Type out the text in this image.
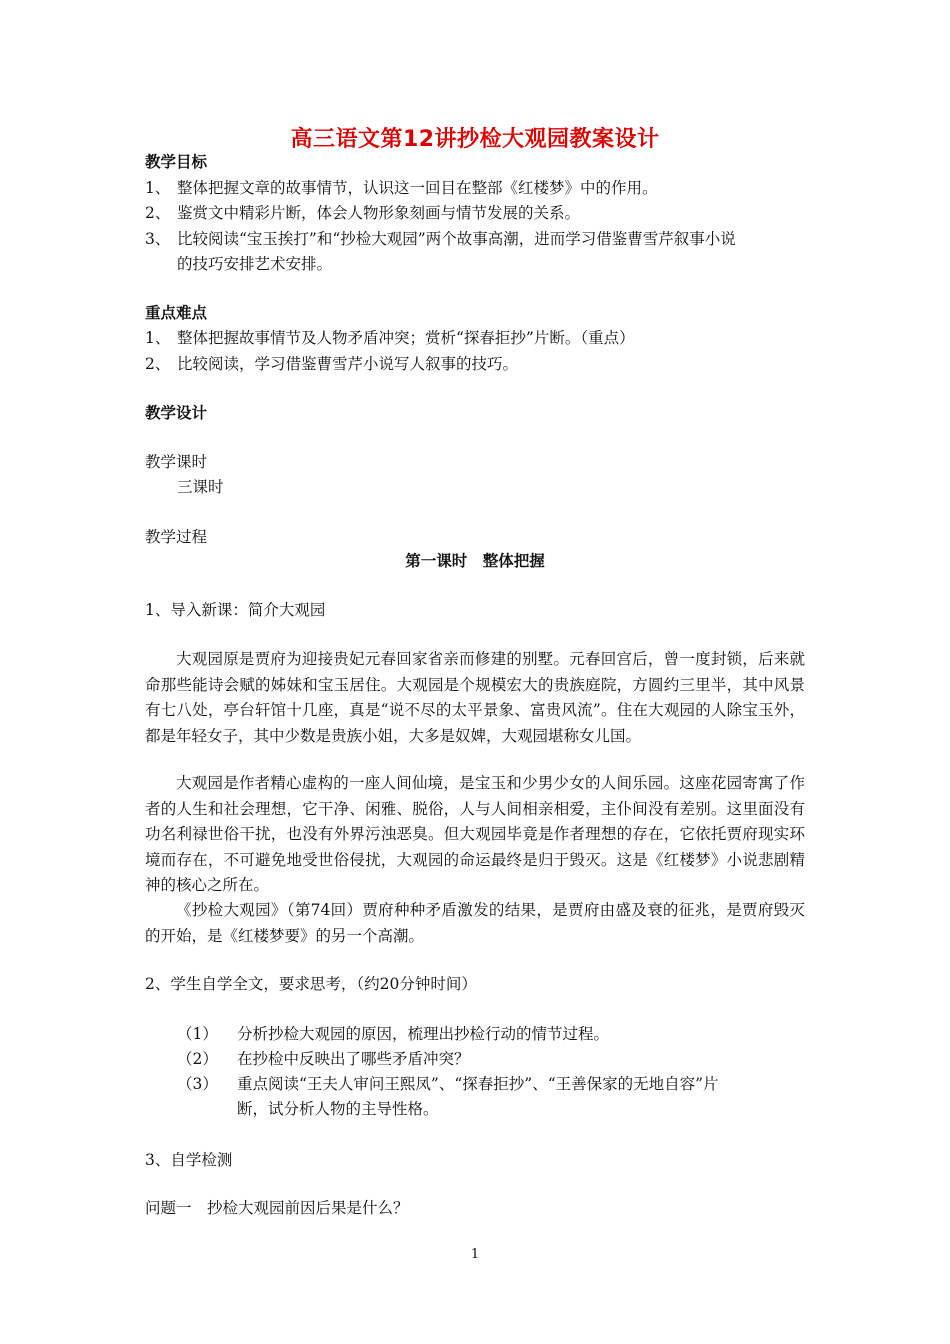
高三语文第12讲抄检大观园教案设计
教学目标
1、 整体把握文章的故事情节，认识这一回目在整部《红楼梦》中的作用。
2、 鉴赏文中精彩片断，体会人物形象刻画与情节发展的关系。
3、 比较阅读“宝玉挨打”和“抄检大观园”两个故事高潮，进而学习借鉴曹雪芹叙事小说
的技巧安排艺术安排。
重点难点
1、 整体把握故事情节及人物矛盾冲突；赏析“探春拒抄”片断。（重点）
2、 比较阅读，学习借鉴曹雪芹小说写人叙事的技巧。
教学设计
教学课时
三课时
教学过程
第一课时　整体把握
1、导入新课：简介大观园
大观园原是贾府为迎接贵妃元春回家省亲而修建的别墅。元春回宫后，曾一度封锁，后来就命那些能诗会赋的姊妹和宝玉居住。大观园是个规模宏大的贵族庭院，方圆约三里半，其中风景有七八处，亭台轩馆十几座，真是“说不尽的太平景象、富贵风流”。住在大观园的人除宝玉外，都是年轻女子，其中少数是贵族小姐，大多是奴婢，大观园堪称女儿国。
大观园是作者精心虚构的一座人间仙境，是宝玉和少男少女的人间乐园。这座花园寄寓了作者的人生和社会理想，它干净、闲雅、脱俗，人与人间相亲相爱，主仆间没有差别。这里面没有功名利禄世俗干扰，也没有外界污浊恶臭。但大观园毕竟是作者理想的存在，它依托贾府现实环境而存在，不可避免地受世俗侵扰，大观园的命运最终是归于毁灭。这是《红楼梦》小说悲剧精神的核心之所在。
《抄检大观园》（第74回）贾府种种矛盾激发的结果，是贾府由盛及衰的征兆，是贾府毁灭的开始，是《红楼梦要》的另一个高潮。
2、学生自学全文，要求思考，（约20分钟时间）
（1） 分析抄检大观园的原因，梳理出抄检行动的情节过程。
（2） 在抄检中反映出了哪些矛盾冲突？
（3） 重点阅读“王夫人审问王熙凤”、“探春拒抄”、“王善保家的无地自容”片
断，试分析人物的主导性格。
3、自学检测
问题一　抄检大观园前因后果是什么？
1
